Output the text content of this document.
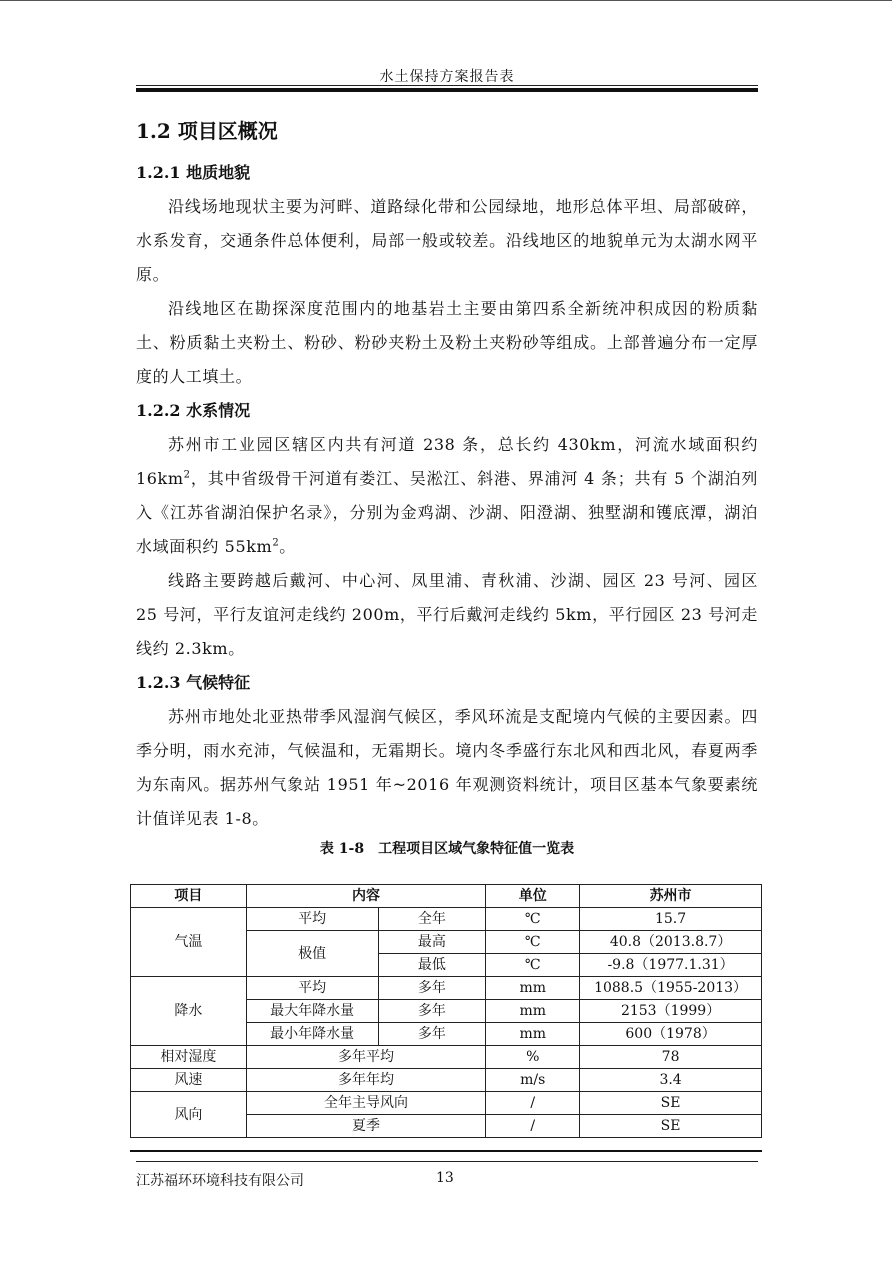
水土保持方案报告表
1.2 项目区概况
1.2.1 地质地貌

沿线场地现状主要为河畔、道路绿化带和公园绿地，地形总体平坦、局部破碎，水系发育，交通条件总体便利，局部一般或较差。沿线地区的地貌单元为太湖水网平原。

沿线地区在勘探深度范围内的地基岩土主要由第四系全新统冲积成因的粉质黏土、粉质黏土夹粉土、粉砂、粉砂夹粉土及粉土夹粉砂等组成。上部普遍分布一定厚度的人工填土。

1.2.2 水系情况

苏州市工业园区辖区内共有河道 238 条，总长约 430km，河流水域面积约 $16km^2$，其中省级骨干河道有娄江、吴淞江、斜港、界浦河 4 条；共有 5 个湖泊列入《江苏省湖泊保护名录》，分别为金鸡湖、沙湖、阳澄湖、独墅湖和镬底潭，湖泊水域面积约 $55km^2$。

线路主要跨越后戴河、中心河、凤里浦、青秋浦、沙湖、园区 23 号河、园区 25 号河，平行友谊河走线约 200m，平行后戴河走线约 5km，平行园区 23 号河走线约 2.3km。

1.2.3 气候特征

苏州市地处北亚热带季风湿润气候区，季风环流是支配境内气候的主要因素。四季分明，雨水充沛，气候温和，无霜期长。境内冬季盛行东北风和西北风，春夏两季为东南风。据苏州气象站 1951 年~2016 年观测资料统计，项目区基本气象要素统计值详见表 1-8。

表 1-8　工程项目区域气象特征值一览表
项目	内容		单位	苏州市
气温	平均	全年	℃	15.7
	极值	最高	℃	40.8（2013.8.7）
		最低	℃	-9.8（1977.1.31）
降水	平均	多年	mm	1088.5（1955-2013）
	最大年降水量	多年	mm	2153（1999）
	最小年降水量	多年	mm	600（1978）
相对湿度	多年平均		%	78
风速	多年年均		m/s	3.4
风向	全年主导风向		/	SE
	夏季		/	SE
江苏福环环境科技有限公司	13
